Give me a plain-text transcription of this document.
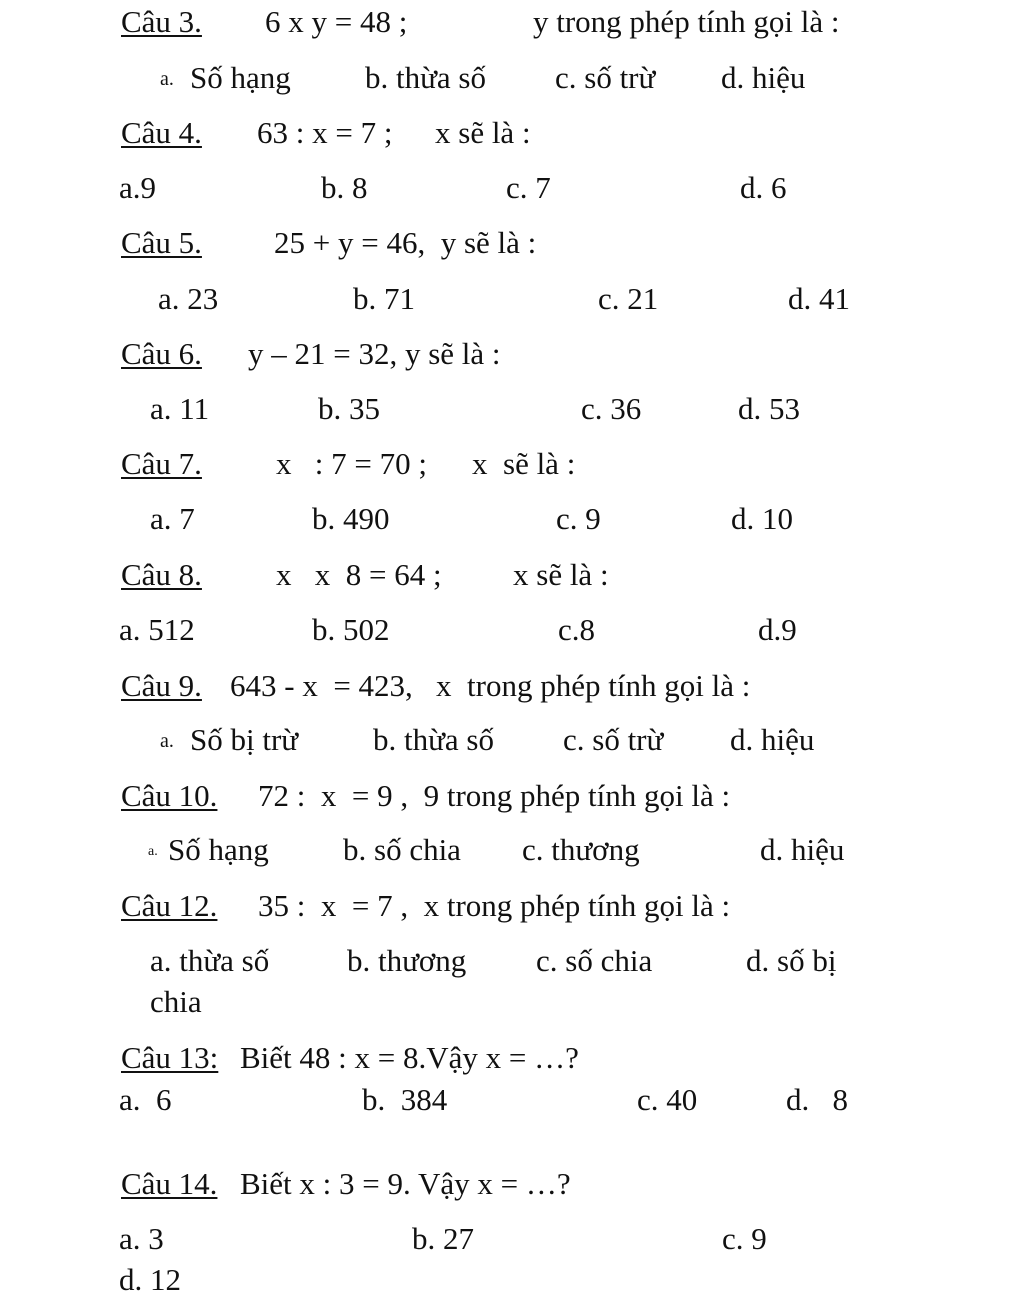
Câu 3. 6 x y = 48 ;	y trong phép tính gọi là :
a. Số hạng b. thừa số c. số trừ d. hiệu
Câu 4. 63 : x = 7 ; x sẽ là :
a.9	b. 8	c. 7	d. 6
Câu 5. 25 + y = 46,  y sẽ là :
a. 23	b. 71	c. 21	d. 41
Câu 6. y – 21 = 32, y sẽ là :
a. 11	b. 35	c. 36	d. 53
Câu 7. x   : 7 = 70 ; x  sẽ là :
a. 7	b. 490	c. 9	d. 10
Câu 8. x   x  8 = 64 ; x sẽ là :
a. 512	b. 502	c.8	d.9
Câu 9. 643 - x  = 423,   x  trong phép tính gọi là :
a. Số bị trừ b. thừa số c. số trừ d. hiệu
Câu 10. 72 :  x  = 9 ,  9 trong phép tính gọi là :
a. Số hạng b. số chia c. thương	d. hiệu
Câu 12. 35 :  x  = 7 ,  x trong phép tính gọi là :
a. thừa số	b. thương c. số chia	d. số bị
chia
Câu 13: Biết 48 : x = 8.Vậy x = …?
a.  6	b.  384	c. 40	d.   8
Câu 14. Biết x : 3 = 9. Vậy x = …?
a. 3	b. 27	c. 9
d. 12
